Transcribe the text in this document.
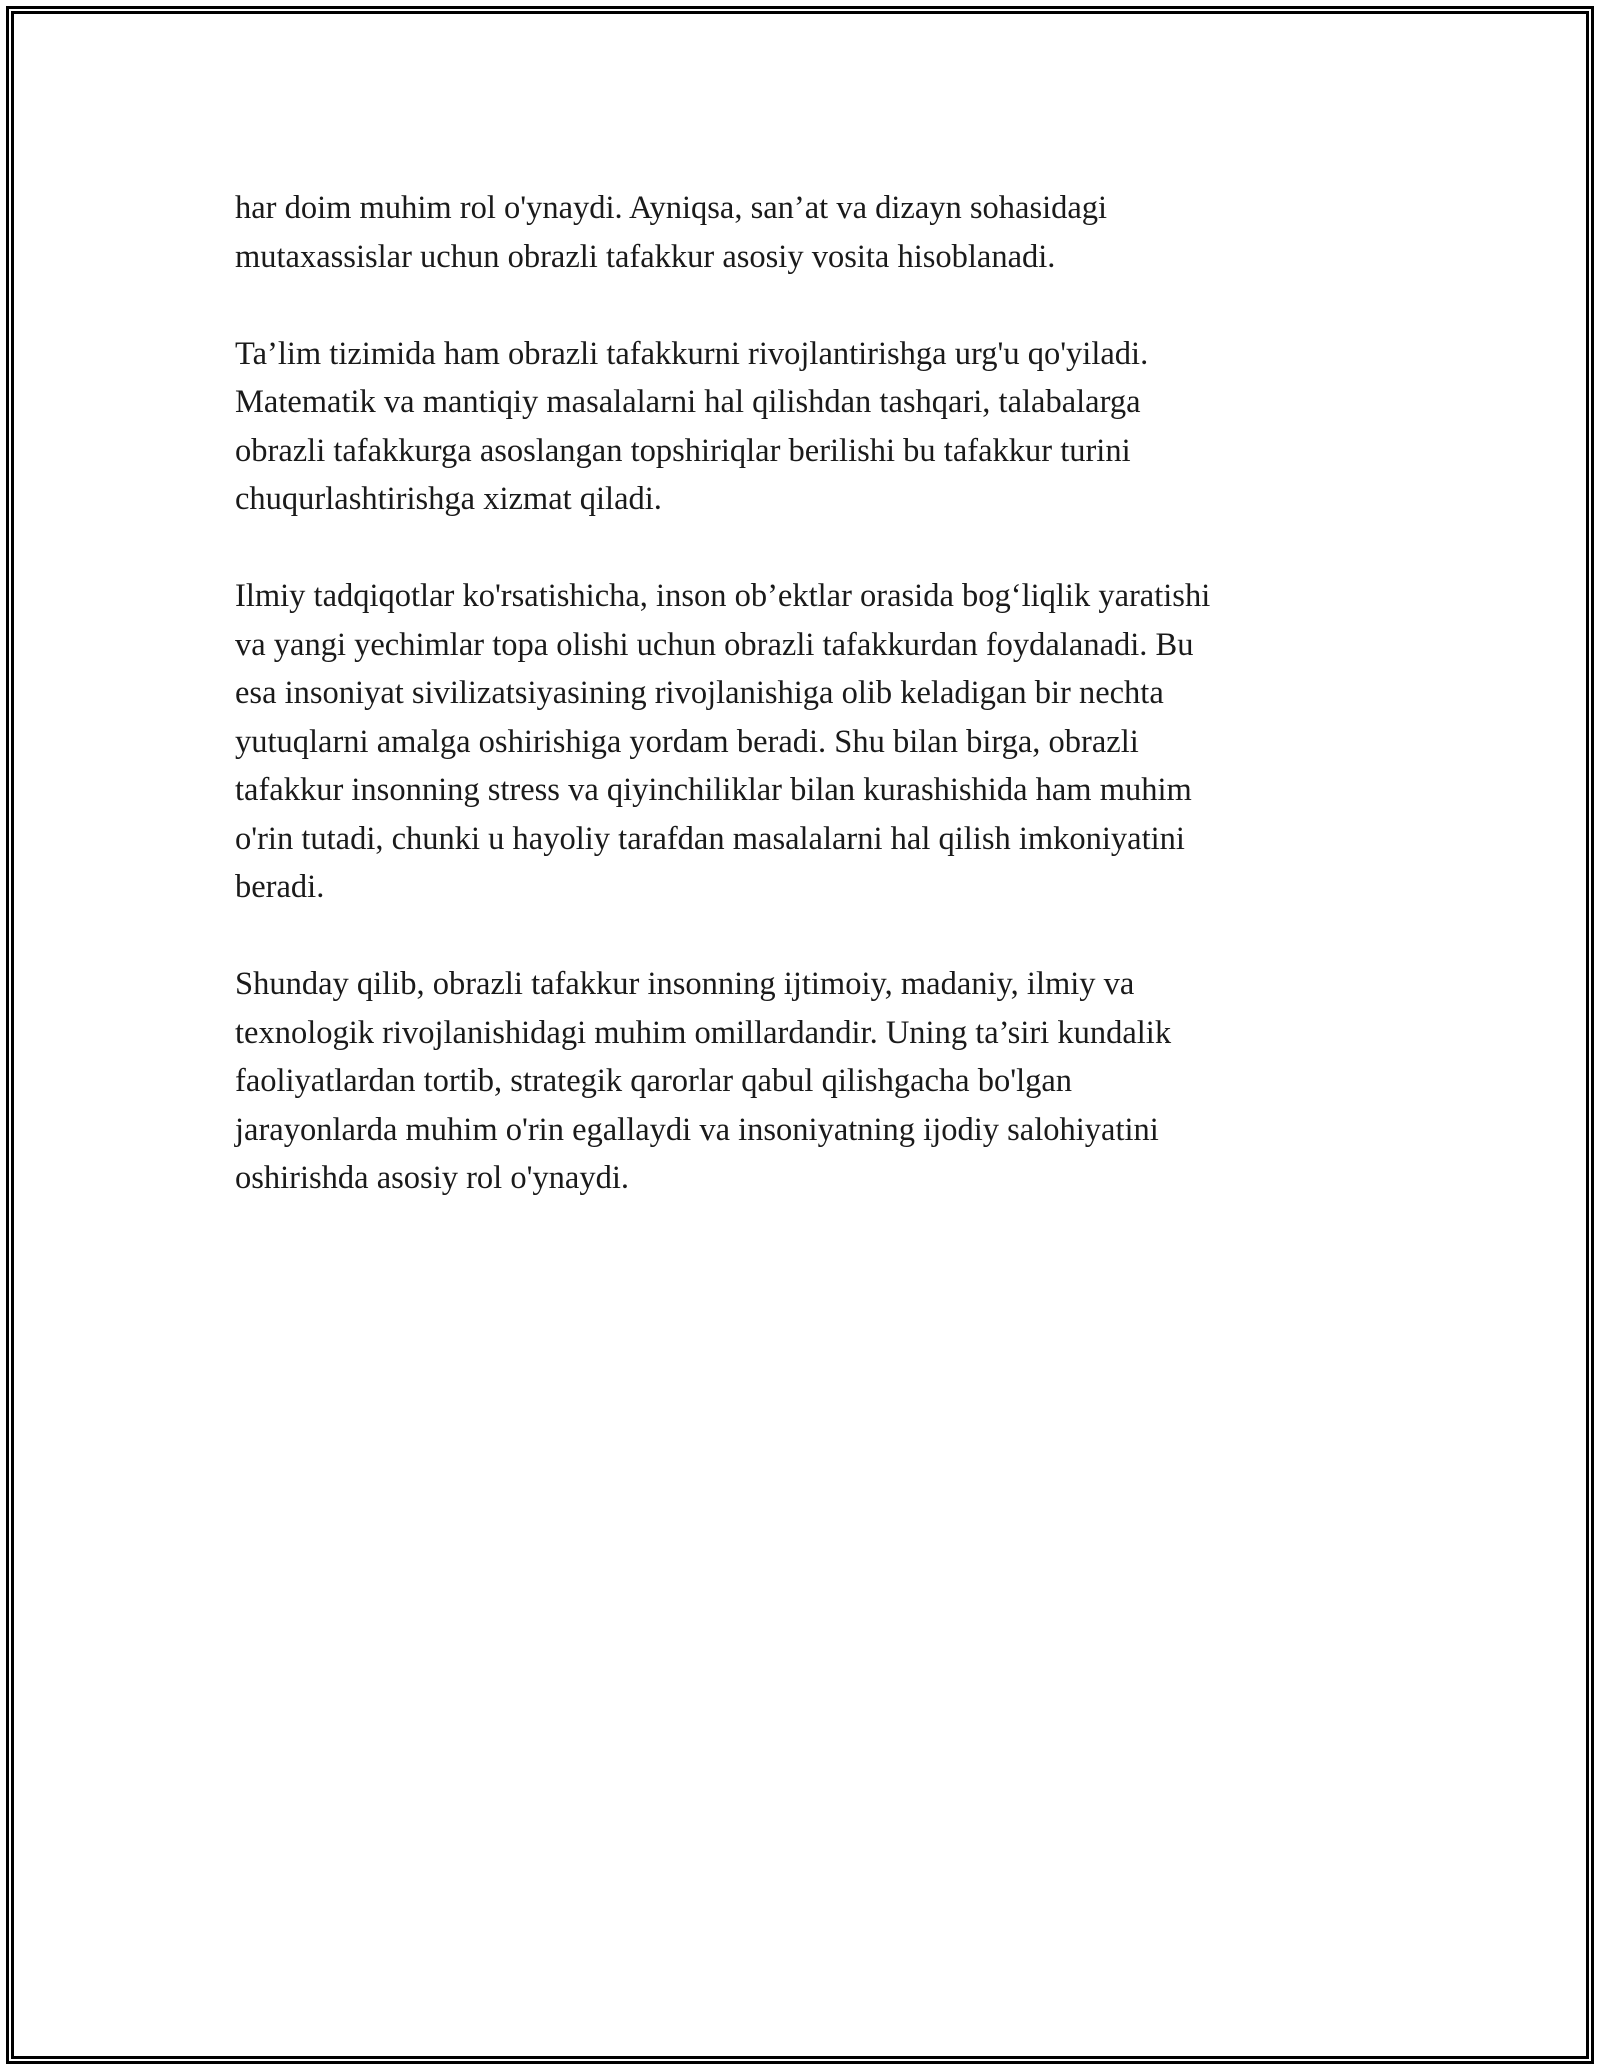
har doim muhim rol o'ynaydi. Ayniqsa, san’at va dizayn sohasidagi
mutaxassislar uchun obrazli tafakkur asosiy vosita hisoblanadi.

Ta’lim tizimida ham obrazli tafakkurni rivojlantirishga urg'u qo'yiladi.
Matematik va mantiqiy masalalarni hal qilishdan tashqari, talabalarga
obrazli tafakkurga asoslangan topshiriqlar berilishi bu tafakkur turini
chuqurlashtirishga xizmat qiladi.

Ilmiy tadqiqotlar ko'rsatishicha, inson ob’ektlar orasida bog‘liqlik yaratishi
va yangi yechimlar topa olishi uchun obrazli tafakkurdan foydalanadi. Bu
esa insoniyat sivilizatsiyasining rivojlanishiga olib keladigan bir nechta
yutuqlarni amalga oshirishiga yordam beradi. Shu bilan birga, obrazli
tafakkur insonning stress va qiyinchiliklar bilan kurashishida ham muhim
o'rin tutadi, chunki u hayoliy tarafdan masalalarni hal qilish imkoniyatini
beradi.

Shunday qilib, obrazli tafakkur insonning ijtimoiy, madaniy, ilmiy va
texnologik rivojlanishidagi muhim omillardandir. Uning ta’siri kundalik
faoliyatlardan tortib, strategik qarorlar qabul qilishgacha bo'lgan
jarayonlarda muhim o'rin egallaydi va insoniyatning ijodiy salohiyatini
oshirishda asosiy rol o'ynaydi.
